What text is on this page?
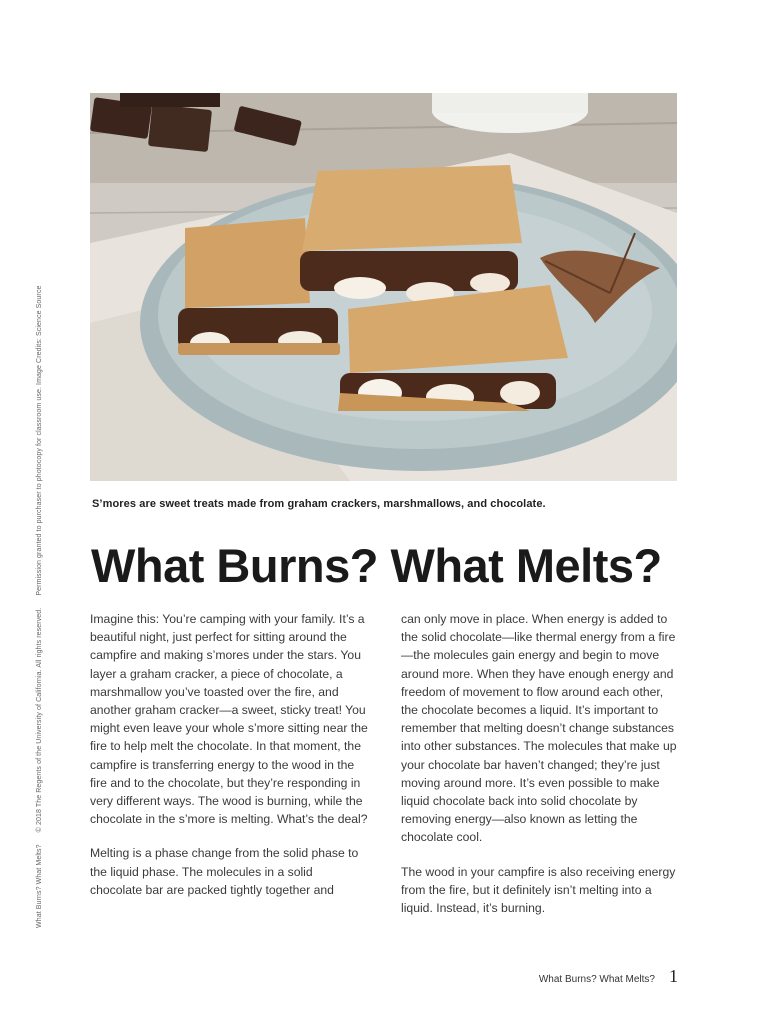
S’mores are sweet treats made from graham crackers, marshmallows, and chocolate.
What Burns? What Melts?

Imagine this: You’re camping with your family. It’s a beautiful night, just perfect for sitting around the campfire and making s’mores under the stars. You layer a graham cracker, a piece of chocolate, a marshmallow you’ve toasted over the fire, and another graham cracker—a sweet, sticky treat! You might even leave your whole s’more sitting near the fire to help melt the chocolate. In that moment, the campfire is transferring energy to the wood in the fire and to the chocolate, but they’re responding in very different ways. The wood is burning, while the chocolate in the s’more is melting. What’s the deal?

Melting is a phase change from the solid phase to the liquid phase. The molecules in a solid chocolate bar are packed tightly together and

can only move in place. When energy is added to the solid chocolate—like thermal energy from a fire—the molecules gain energy and begin to move around more. When they have enough energy and freedom of movement to flow around each other, the chocolate becomes a liquid. It’s important to remember that melting doesn’t change substances into other substances. The molecules that make up your chocolate bar haven’t changed; they’re just moving around more. It’s even possible to make liquid chocolate back into solid chocolate by removing energy—also known as letting the chocolate cool.

The wood in your campfire is also receiving energy from the fire, but it definitely isn’t melting into a liquid. Instead, it’s burning.

What Burns? What Melts? © 2018 The Regents of the University of California. All rights reserved. Permission granted to purchaser to photocopy for classroom use. Image Credits: Science Source
What Burns? What Melts? 1
